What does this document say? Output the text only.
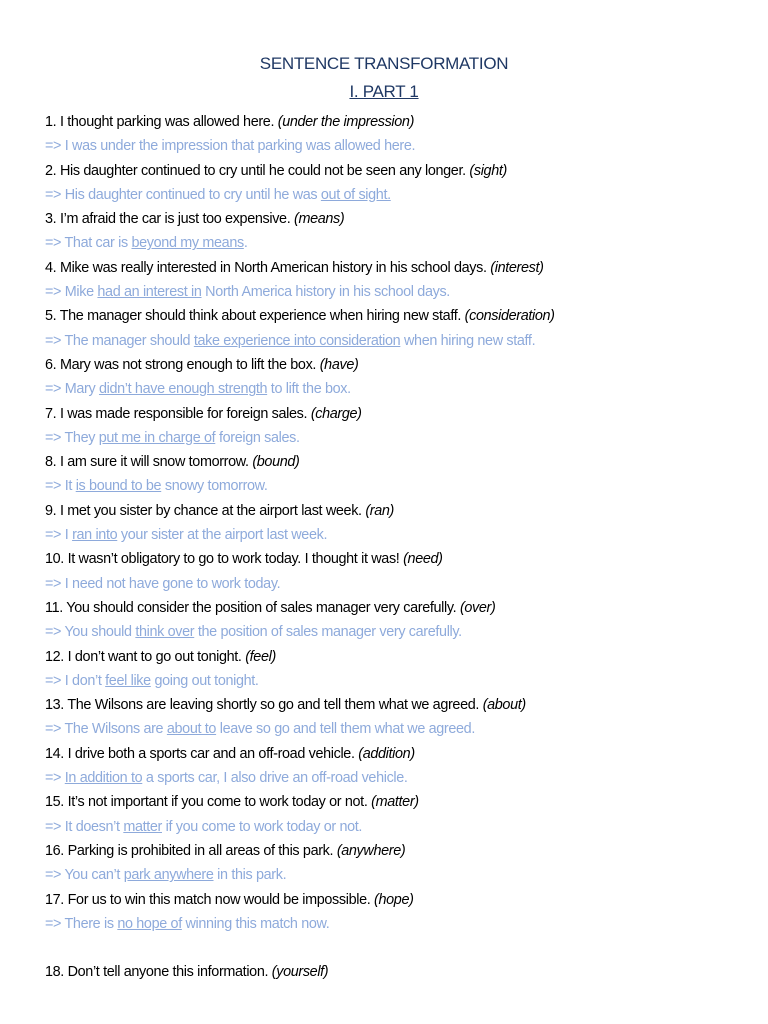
SENTENCE TRANSFORMATION
I. PART 1
1. I thought parking was allowed here. (under the impression)
=> I was under the impression that parking was allowed here.
2. His daughter continued to cry until he could not be seen any longer. (sight)
=> His daughter continued to cry until he was out of sight.
3. I’m afraid the car is just too expensive. (means)
=> That car is beyond my means.
4. Mike was really interested in North American history in his school days. (interest)
=> Mike had an interest in North America history in his school days.
5. The manager should think about experience when hiring new staff. (consideration)
=> The manager should take experience into consideration when hiring new staff.
6. Mary was not strong enough to lift the box. (have)
=> Mary didn’t have enough strength to lift the box.
7. I was made responsible for foreign sales. (charge)
=> They put me in charge of foreign sales.
8. I am sure it will snow tomorrow. (bound)
=> It is bound to be snowy tomorrow.
9. I met you sister by chance at the airport last week. (ran)
=> I ran into your sister at the airport last week.
10. It wasn’t obligatory to go to work today. I thought it was! (need)
=> I need not have gone to work today.
11. You should consider the position of sales manager very carefully. (over)
=> You should think over the position of sales manager very carefully.
12. I don’t want to go out tonight. (feel)
=> I don’t feel like going out tonight.
13. The Wilsons are leaving shortly so go and tell them what we agreed. (about)
=> The Wilsons are about to leave so go and tell them what we agreed.
14. I drive both a sports car and an off-road vehicle. (addition)
=> In addition to a sports car, I also drive an off-road vehicle.
15. It’s not important if you come to work today or not. (matter)
=> It doesn’t matter if you come to work today or not.
16. Parking is prohibited in all areas of this park. (anywhere)
=> You can’t park anywhere in this park.
17. For us to win this match now would be impossible. (hope)
=> There is no hope of winning this match now.
18. Don’t tell anyone this information. (yourself)
